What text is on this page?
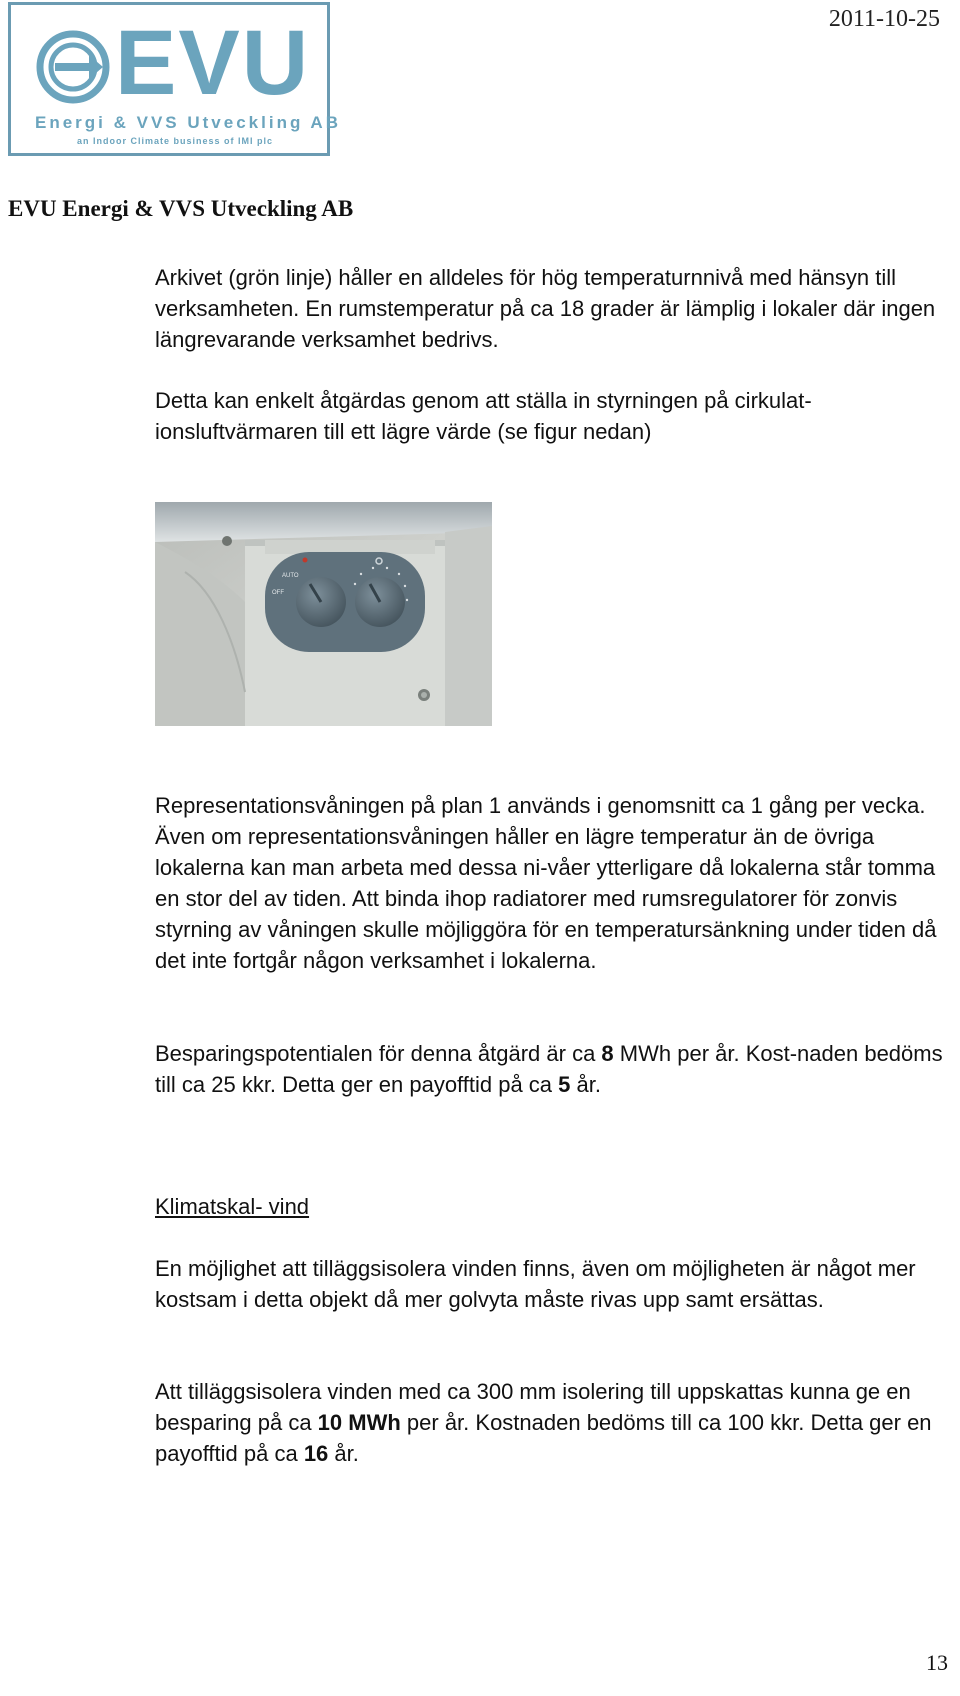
EVU
Energi & VVS Utveckling AB
an Indoor Climate business of IMI plc
2011-10-25
EVU Energi & VVS Utveckling AB

Arkivet (grön linje) håller en alldeles för hög temperaturnnivå med hänsyn till verksamheten. En rumstemperatur på ca 18 grader är lämplig i lokaler där ingen längrevarande verksamhet bedrivs.

Detta kan enkelt åtgärdas genom att ställa in styrningen på cirkulat-ionsluftvärmaren till ett lägre värde (se figur nedan)

AUTO
OFF

Representationsvåningen på plan 1 används i genomsnitt ca 1 gång per vecka. Även om representationsvåningen håller en lägre temperatur än de övriga lokalerna kan man arbeta med dessa ni-våer ytterligare då lokalerna står tomma en stor del av tiden. Att binda ihop radiatorer med rumsregulatorer för zonvis styrning av våningen skulle möjliggöra för en temperatursänkning under tiden då det inte fortgår någon verksamhet i lokalerna.

Besparingspotentialen för denna åtgärd är ca 8 MWh per år. Kost-naden bedöms till ca 25 kkr. Detta ger en payofftid på ca 5 år.

Klimatskal- vind

En möjlighet att tilläggsisolera vinden finns, även om möjligheten är något mer kostsam i detta objekt då mer golvyta måste rivas upp samt ersättas.

Att tilläggsisolera vinden med ca 300 mm isolering till uppskattas kunna ge en besparing på ca 10 MWh per år. Kostnaden bedöms till ca 100 kkr. Detta ger en payofftid på ca 16 år.

13
